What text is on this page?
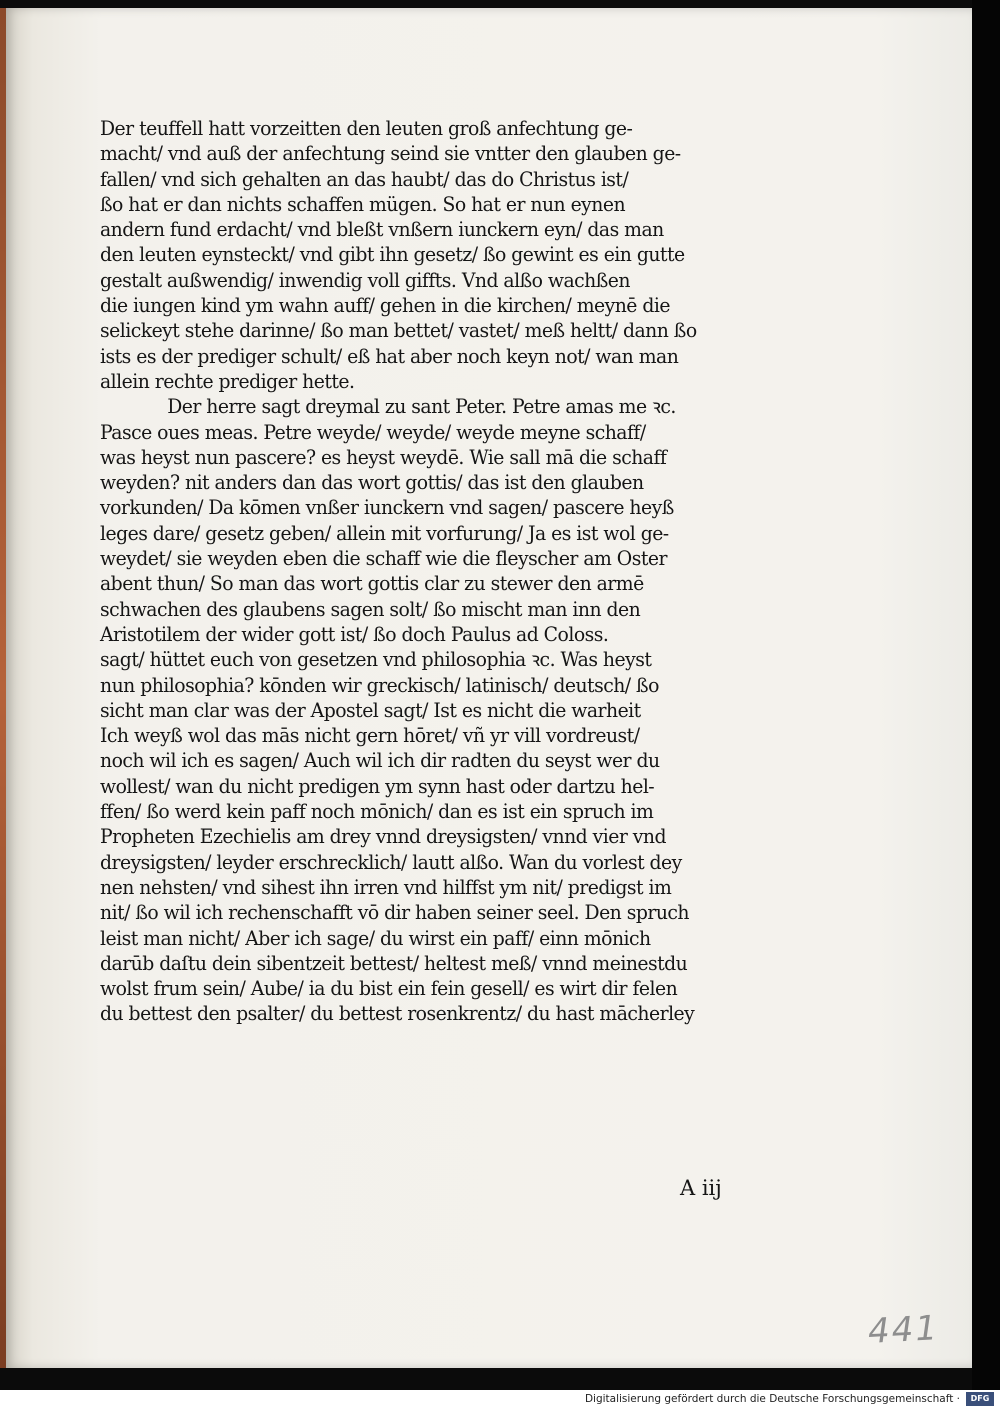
Der teuffell hatt vorzeitten den leuten groß anfechtung ge-
macht/ vnd auß der anfechtung seind sie vntter den glauben ge-
fallen/ vnd sich gehalten an das haubt/ das do Christus ist/
ßo hat er dan nichts schaffen mügen. So hat er nun eynen
andern fund erdacht/ vnd bleßt vnßern iunckern eyn/ das man
den leuten eynsteckt/ vnd gibt ihn gesetz/ ßo gewint es ein gutte
gestalt außwendig/ inwendig voll giffts. Vnd alßo wachßen
die iungen kind ym wahn auff/ gehen in die kirchen/ meynē die
selickeyt stehe darinne/ ßo man bettet/ vastet/ meß heltt/ dann ßo
ists es der prediger schult/ eß hat aber noch keyn not/ wan man
allein rechte prediger hette.
Der herre sagt dreymal zu sant Peter. Petre amas me ꝛc.
Pasce oues meas. Petre weyde/ weyde/ weyde meyne schaff/
was heyst nun pascere? es heyst weydē. Wie sall mā die schaff
weyden? nit anders dan das wort gottis/ das ist den glauben
vorkunden/ Da kōmen vnßer iunckern vnd sagen/ pascere heyß
leges dare/ gesetz geben/ allein mit vorfurung/ Ja es ist wol ge-
weydet/ sie weyden eben die schaff wie die fleyscher am Oster
abent thun/ So man das wort gottis clar zu stewer den armē
schwachen des glaubens sagen solt/ ßo mischt man inn den
Aristotilem der wider gott ist/ ßo doch Paulus ad Coloss.
sagt/ hüttet euch von gesetzen vnd philosophia ꝛc. Was heyst
nun philosophia? kōnden wir greckisch/ latinisch/ deutsch/ ßo
sicht man clar was der Apostel sagt/ Ist es nicht die warheit
Ich weyß wol das mās nicht gern hōret/ vñ yr vill vordreust/
noch wil ich es sagen/ Auch wil ich dir radten du seyst wer du
wollest/ wan du nicht predigen ym synn hast oder dartzu hel-
ffen/ ßo werd kein paff noch mōnich/ dan es ist ein spruch im
Propheten Ezechielis am drey vnnd dreysigsten/ vnnd vier vnd
dreysigsten/ leyder erschrecklich/ lautt alßo. Wan du vorlest dey
nen nehsten/ vnd sihest ihn irren vnd hilffst ym nit/ predigst im
nit/ ßo wil ich rechenschafft vō dir haben seiner seel. Den spruch
leist man nicht/ Aber ich sage/ du wirst ein paff/ einn mōnich
darūb daſtu dein sibentzeit bettest/ heltest meß/ vnnd meinestdu
wolst frum sein/ Aube/ ia du bist ein fein gesell/ es wirt dir felen
du bettest den psalter/ du bettest rosenkrentz/ du hast mācherley
A iij
441
Digitalisierung gefördert durch die Deutsche Forschungsgemeinschaft ·	DFG
